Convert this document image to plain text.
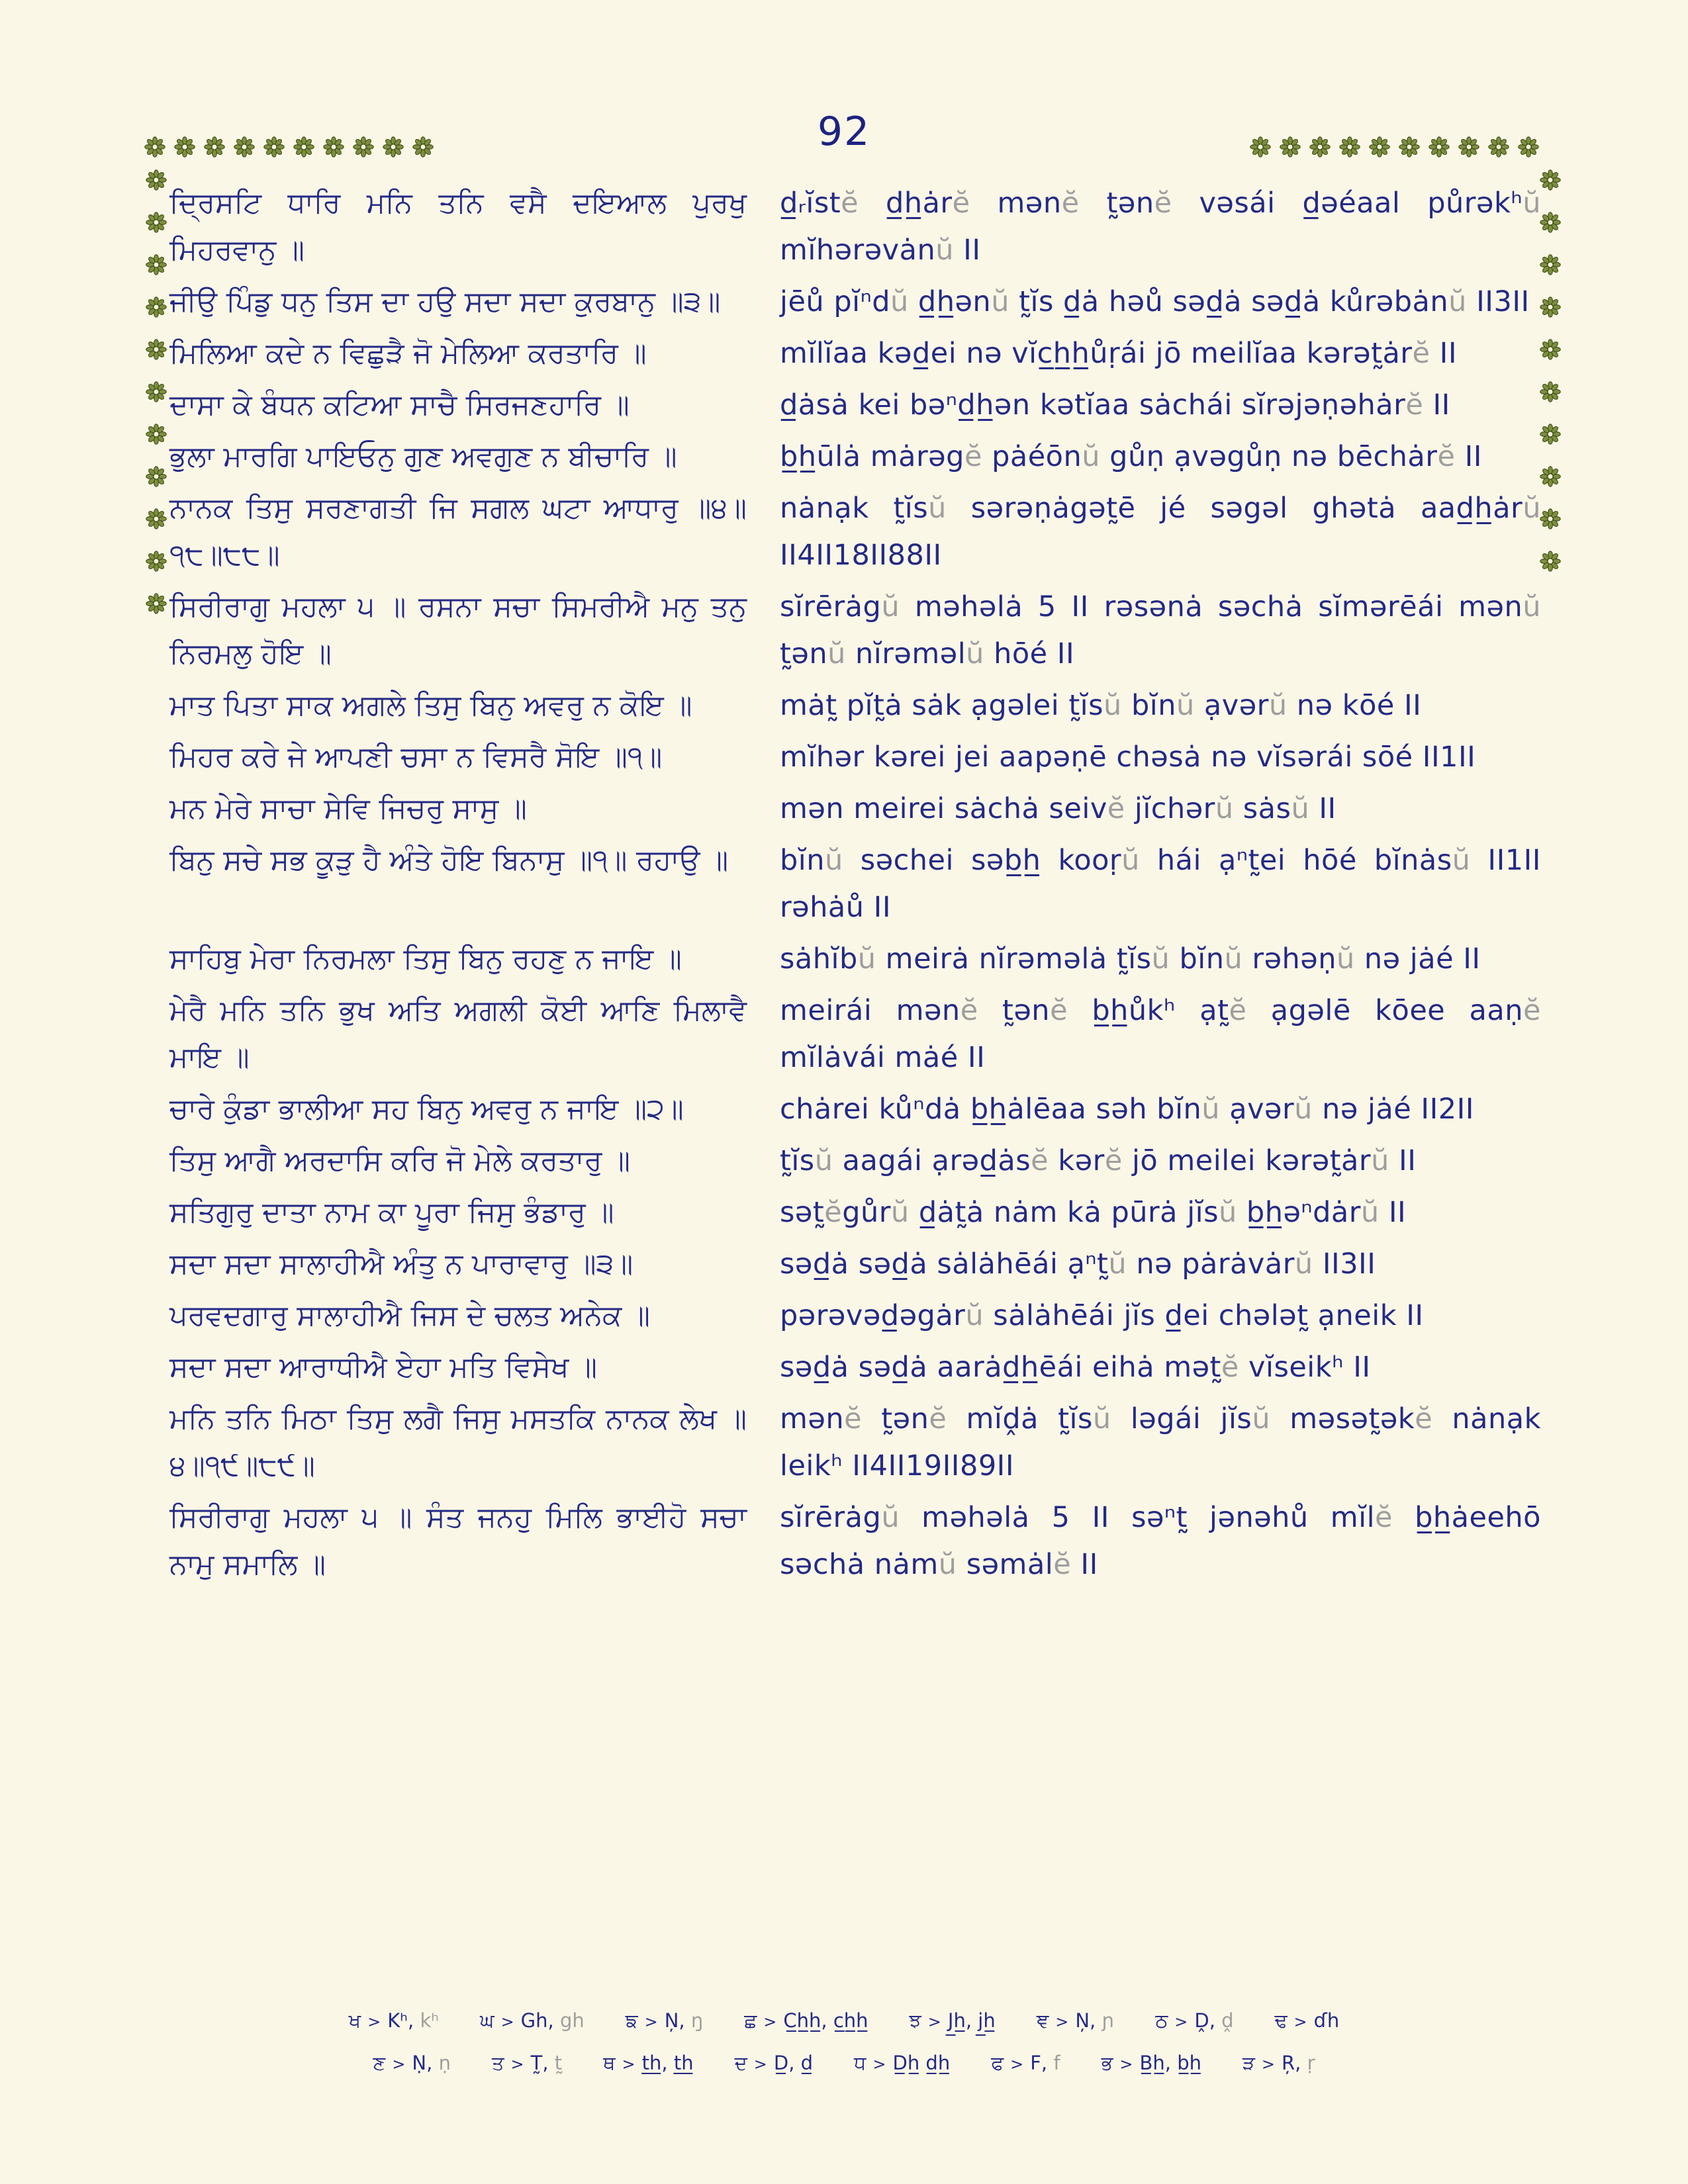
92
ਦ੍ਰਿਸਟਿ ਧਾਰਿ ਮਨਿ ਤਨਿ ਵਸੈ ਦਇਆਲ ਪੁਰਖੁ ਮਿਹਰਵਾਨੁ ॥
d̲ᵣĭstĕ d̲h̲ȧrĕ mənĕ t̰ənĕ vəsái d̲əéaal půrəkʰŭ mĭhərəvȧnŭ II
ਜੀਉ ਪਿੰਡੁ ਧਨੁ ਤਿਸ ਦਾ ਹਉ ਸਦਾ ਸਦਾ ਕੁਰਬਾਨੁ ॥੩॥	jēů pĭⁿdŭ d̲h̲ənŭ t̰ĭs d̲ȧ həů səd̲ȧ səd̲ȧ kůrəbȧnŭ II3II
ਮਿਲਿਆ ਕਦੇ ਨ ਵਿਛੁੜੈ ਜੋ ਮੇਲਿਆ ਕਰਤਾਰਿ ॥	mĭlĭaa kəd̲ei nə vĭc̲h̲h̲ůṛái jō meilĭaa kərət̰ȧrĕ II
ਦਾਸਾ ਕੇ ਬੰਧਨ ਕਟਿਆ ਸਾਚੈ ਸਿਰਜਣਹਾਰਿ ॥	d̲ȧsȧ kei bəⁿd̲h̲ən kətĭaa sȧchái sĭrəjəṇəhȧrĕ II
ਭੁਲਾ ਮਾਰਗਿ ਪਾਇਓਨੁ ਗੁਣ ਅਵਗੁਣ ਨ ਬੀਚਾਰਿ ॥	b̲h̲ūlȧ mȧrəgĕ pȧéōnŭ gůṇ ạvəgůṇ nə bēchȧrĕ II
ਨਾਨਕ ਤਿਸੁ ਸਰਣਾਗਤੀ ਜਿ ਸਗਲ ਘਟਾ ਆਧਾਰੁ ॥੪॥੧੮॥੮੮॥
nȧnạk t̰ĭsŭ sərəṇȧgət̰ē jé səgəl ghətȧ aad̲h̲ȧrŭ II4II18II88II
ਸਿਰੀਰਾਗੁ ਮਹਲਾ ੫ ॥ ਰਸਨਾ ਸਚਾ ਸਿਮਰੀਐ ਮਨੁ ਤਨੁ ਨਿਰਮਲੁ ਹੋਇ ॥
sĭrērȧgŭ məhəlȧ 5 II rəsənȧ səchȧ sĭmərēái mənŭ t̰ənŭ nĭrəməlŭ hōé II
ਮਾਤ ਪਿਤਾ ਸਾਕ ਅਗਲੇ ਤਿਸੁ ਬਿਨੁ ਅਵਰੁ ਨ ਕੋਇ ॥	mȧt̰ pĭt̰ȧ sȧk ạgəlei t̰ĭsŭ bĭnŭ ạvərŭ nə kōé II
ਮਿਹਰ ਕਰੇ ਜੇ ਆਪਣੀ ਚਸਾ ਨ ਵਿਸਰੈ ਸੋਇ ॥੧॥	mĭhər kərei jei aapəṇē chəsȧ nə vĭsərái sōé II1II
ਮਨ ਮੇਰੇ ਸਾਚਾ ਸੇਵਿ ਜਿਚਰੁ ਸਾਸੁ ॥	mən meirei sȧchȧ seivĕ jĭchərŭ sȧsŭ II
ਬਿਨੁ ਸਚੇ ਸਭ ਕੂੜੁ ਹੈ ਅੰਤੇ ਹੋਇ ਬਿਨਾਸੁ ॥੧॥ ਰਹਾਉ ॥	bĭnŭ səchei səb̲h̲ kooṛŭ hái ạⁿt̰ei hōé bĭnȧsŭ II1II rəhȧů II
ਸਾਹਿਬੁ ਮੇਰਾ ਨਿਰਮਲਾ ਤਿਸੁ ਬਿਨੁ ਰਹਣੁ ਨ ਜਾਇ ॥	sȧhĭbŭ meirȧ nĭrəməlȧ t̰ĭsŭ bĭnŭ rəhəṇŭ nə jȧé II
ਮੇਰੈ ਮਨਿ ਤਨਿ ਭੁਖ ਅਤਿ ਅਗਲੀ ਕੋਈ ਆਣਿ ਮਿਲਾਵੈ ਮਾਇ ॥
meirái mənĕ t̰ənĕ b̲h̲ůkʰ ạt̰ĕ ạgəlē kōee aaṇĕ mĭlȧvái mȧé II
ਚਾਰੇ ਕੁੰਡਾ ਭਾਲੀਆ ਸਹ ਬਿਨੁ ਅਵਰੁ ਨ ਜਾਇ ॥੨॥	chȧrei kůⁿdȧ b̲h̲ȧlēaa səh bĭnŭ ạvərŭ nə jȧé II2II
ਤਿਸੁ ਆਗੈ ਅਰਦਾਸਿ ਕਰਿ ਜੋ ਮੇਲੇ ਕਰਤਾਰੁ ॥	t̰ĭsŭ aagái ạrəd̲ȧsĕ kərĕ jō meilei kərət̰ȧrŭ II
ਸਤਿਗੁਰੁ ਦਾਤਾ ਨਾਮ ਕਾ ਪੂਰਾ ਜਿਸੁ ਭੰਡਾਰੁ ॥	sət̰ĕgůrŭ d̲ȧt̰ȧ nȧm kȧ pūrȧ jĭsŭ b̲h̲əⁿdȧrŭ II
ਸਦਾ ਸਦਾ ਸਾਲਾਹੀਐ ਅੰਤੁ ਨ ਪਾਰਾਵਾਰੁ ॥੩॥	səd̲ȧ səd̲ȧ sȧlȧhēái ạⁿt̰ŭ nə pȧrȧvȧrŭ II3II
ਪਰਵਦਗਾਰੁ ਸਾਲਾਹੀਐ ਜਿਸ ਦੇ ਚਲਤ ਅਨੇਕ ॥	pərəvəd̲əgȧrŭ sȧlȧhēái jĭs d̲ei chələt̰ ạneik II
ਸਦਾ ਸਦਾ ਆਰਾਧੀਐ ਏਹਾ ਮਤਿ ਵਿਸੇਖ ॥	səd̲ȧ səd̲ȧ aarȧd̲h̲ēái eihȧ mət̰ĕ vĭseikʰ II
ਮਨਿ ਤਨਿ ਮਿਠਾ ਤਿਸੁ ਲਗੈ ਜਿਸੁ ਮਸਤਕਿ ਨਾਨਕ ਲੇਖ ॥੪॥੧੯॥੮੯॥
mənĕ t̰ənĕ mĭḓȧ t̰ĭsŭ ləgái jĭsŭ məsət̰əkĕ nȧnạk leikʰ II4II19II89II
ਸਿਰੀਰਾਗੁ ਮਹਲਾ ੫ ॥ ਸੰਤ ਜਨਹੁ ਮਿਲਿ ਭਾਈਹੋ ਸਚਾ ਨਾਮੁ ਸਮਾਲਿ ॥
sĭrērȧgŭ məhəlȧ 5 II səⁿt̰ jənəhů mĭlĕ b̲h̲ȧeehō səchȧ nȧmŭ səmȧlĕ II
ਖ > Kʰ, kʰ ਘ > Gh, gh ਙ > N̦, ŋ ਛ > C̲h̲h̲, c̲h̲h̲ ਝ > J̲h̲, j̲h̲ ਞ > N̦, ɲ ਠ > Ḓ, ḓ ਢ > ɗh
ਣ > Ṇ, ṇ ਤ > T̰, t̰ ਥ > t̲h̲, t̲h̲ ਦ > D̲, d̲ ਧ > D̲h̲ d̲h̲ ਫ > F, f ਭ > B̲h̲, b̲h̲ ੜ > R̦, ṛ
